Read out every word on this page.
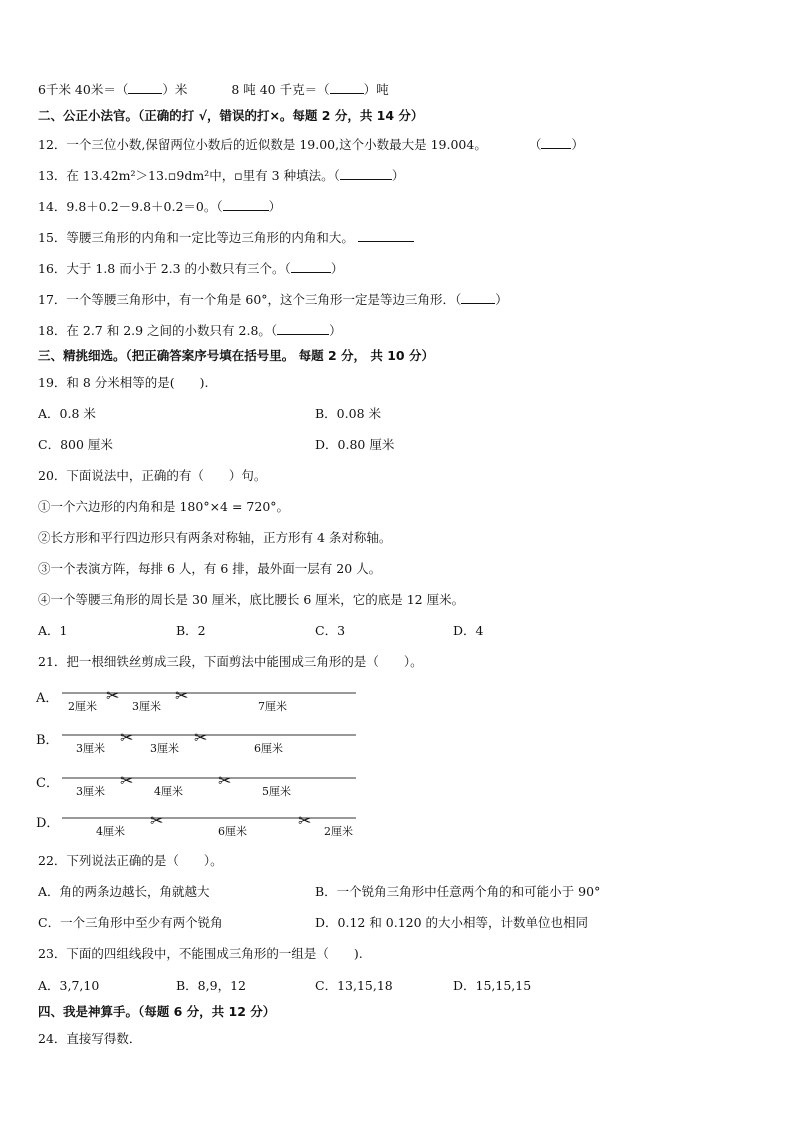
6千米 40米＝（	）米	8 吨 40 千克＝（	）吨
二、公正小法官。（正确的打 √，错误的打×。每题 2 分，共 14 分）
12．一个三位小数,保留两位小数后的近似数是 19.00,这个小数最大是 19.004。	（ ）
13．在 13.42m²＞13.▫9dm²中，▫里有 3 种填法。（	）
14．9.8＋0.2－9.8＋0.2＝0。（	）
15．等腰三角形的内角和一定比等边三角形的内角和大。
16．大于 1.8 而小于 2.3 的小数只有三个。（	）
17．一个等腰三角形中，有一个角是 60°，这个三角形一定是等边三角形．（	）
18．在 2.7 和 2.9 之间的小数只有 2.8。（	）
三、精挑细选。（把正确答案序号填在括号里。 每题 2 分， 共 10 分）
19．和 8 分米相等的是(　　).
A．0.8 米	B．0.08 米
C．800 厘米	D．0.80 厘米
20．下面说法中，正确的有（　　）句。
①一个六边形的内角和是 180°×4 = 720°。
②长方形和平行四边形只有两条对称轴，正方形有 4 条对称轴。
③一个表演方阵，每排 6 人，有 6 排，最外面一层有 20 人。
④一个等腰三角形的周长是 30 厘米，底比腰长 6 厘米，它的底是 12 厘米。
A．1	B．2	C．3	D．4
21．把一根细铁丝剪成三段，下面剪法中能围成三角形的是（　　）。
A．	✂	✂
2厘米	3厘米	7厘米
B．	✂	✂
3厘米	3厘米	6厘米
C．	✂	✂
3厘米	4厘米	5厘米
D．	✂	✂
4厘米	6厘米	2厘米
22．下列说法正确的是（　　）。
A．角的两条边越长，角就越大	B．一个锐角三角形中任意两个角的和可能小于 90°
C．一个三角形中至少有两个锐角	D．0.12 和 0.120 的大小相等，计数单位也相同
23．下面的四组线段中，不能围成三角形的一组是（　　).
A．3,7,10	B．8,9，12	C．13,15,18	D．15,15,15
四、我是神算手。（每题 6 分，共 12 分）
24．直接写得数．
